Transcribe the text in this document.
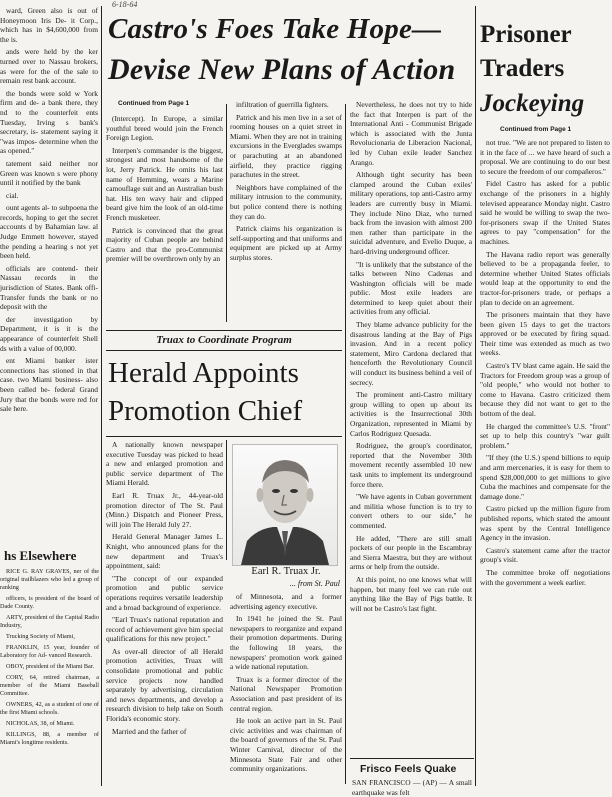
ward, Green also is out of Honeymoon Iris De- it Corp., which has in $4,600,000 from the is.

ands were held by the ker turned over to Nassau brokers, as were for the of the sale to remain rest bank account.

the bonds were sold w York firm and de- a bank there, they nd to the counterfeit ents Tuesday, Irving s bank's secretary, is- statement saying it "was impos- determine when the as opened."

tatement said neither nor Green was known s were phony until it notified by the bank

cial.

ount agents al- to subpoena the records, hoping to get the secret accounts d by Bahamian law. al Judge Emmett however, stayed the pending a hearing s not yet been held.

officials are contend- their Nassau records in the jurisdiction of States. Bank offi- Transfer funds the bank or no deposit with the

der investigation by Department, it is it is the appearance of counterfeit Shell ds with a value of 00,000.

ent Miami banker ister connections has stioned in that case. two Miami business- also been called be- federal Grand Jury that the bonds were red for sale here.

hs Elsewhere

RICE G. RAY GRAVES, ner of the original trailblazers who led a group of ranking

officers, is president of the board of Dade County.

ARTY, president of the Capital Radio Industry,

Trucking Society of Miami,

FRANKLIN, 15 year, founder of Laboratory for Ad- vanced Research.

OBOY, president of the Miami Bar.

CORY, 64, retired chairman, a member of the Miami Baseball Committee.

OWNERS, 42, as a student of one of the first Miami schools.

NICHOLAS, 38, of Miami.

KILLINGS, 88, a member of Miami's longtime residents.

6-18-64
Castro's Foes Take Hope—
Devise New Plans of Action
Continued from Page 1

(Intercept). In Europe, a similar youthful breed would join the French Foreign Legion.

Interpen's commander is the biggest, strongest and most handsome of the lot, Jerry Patrick. He omits his last name of Hemming, wears a Marine camouflage suit and an Australian bush hat. His ten wavy hair and clipped beard give him the look of an old-time French musketeer.

Patrick is convinced that the great majority of Cuban people are behind Castro and that the pro-Communist premier will be overthrown only by an

infiltration of guerrilla fighters.

Patrick and his men live in a set of rooming houses on a quiet street in Miami. When they are not in training excursions in the Everglades swamps or parachuting at an abandoned airfield, they practice rigging parachutes in the street.

Neighbors have complained of the military intrusion to the community, but police contend there is nothing they can do.

Patrick claims his organization is self-supporting and that uniforms and equipment are picked up at Army surplus stores.

Nevertheless, he does not try to hide the fact that Interpen is part of the International Anti - Communist Brigade which is associated with the Junta Revolucionaria de Liberacion Nacional, led by Cuban exile leader Sanchez Arango.

Although tight security has been clamped around the Cuban exiles' military operations, top anti-Castro army leaders are currently busy in Miami. They include Nino Diaz, who turned back from the invasion with almost 200 men rather than participate in the suicidal adventure, and Evelio Duque, a hard-driving underground officer.

"It is unlikely that the substance of the talks between Nino Cadenas and Washington officials will be made public. Most exile leaders are determined to keep quiet about their activities from any official.

They blame advance publicity for the disastrous landing at the Bay of Pigs invasion. And in a recent policy statement, Miro Cardona declared that henceforth the Revolutionary Council will conduct its business behind a veil of secrecy.

The prominent anti-Castro military group willing to open up about its activities is the Insurrectional 30th Organization, represented in Miami by Carlos Rodriguez Quesada.

Rodriguez, the group's coordinator, reported that the November 30th movement recently assembled 10 new task units to implement its underground force there.

"We have agents in Cuban government and militia whose function is to try to convert others to our side," he commented.

He added, "There are still small pockets of our people in the Escambray and Sierra Maestra, but they are without arms or help from the outside.

At this point, no one knows what will happen, but many feel we can rule out anything like the Bay of Pigs battle. It will not be Castro's last fight.

Truax to Coordinate Program
Herald Appoints
Promotion Chief

A nationally known newspaper executive Tuesday was picked to head a new and enlarged promotion and public service department of The Miami Herald.

Earl R. Truax Jr., 44-year-old promotion director of The St. Paul (Minn.) Dispatch and Pioneer Press, will join The Herald July 27.

Herald General Manager James L. Knight, who announced plans for the new department and Truax's appointment, said:

"The concept of our expanded promotion and public service operations requires versatile leadership and a broad background of experience.

"Earl Truax's national reputation and record of achievement give him special qualifications for this new project."

As over-all director of all Herald promotion activities, Truax will consolidate promotional and public service projects now handled separately by advertising, circulation and news departments, and develop a research division to help take on South Florida's economic story.

Married and the father of

Earl R. Truax Jr.
... from St. Paul

of Minnesota, and a former advertising agency executive.

In 1941 he joined the St. Paul newspapers to reorganize and expand their promotion departments. During the following 18 years, the newspapers' promotion work gained a wide national reputation.

Truax is a former director of the National Newspaper Promotion Association and past president of its central region.

He took an active part in St. Paul civic activities and was chairman of the board of governors of the St. Paul Winter Carnival, director of the Minnesota State Fair and other community organizations.

Prisoner
Traders
Jockeying
Continued from Page 1

not true. "We are not prepared to listen to it in the face of ... we have heard of such a proposal. We are continuing to do our best to secure the freedom of our compañeros."

Fidel Castro has asked for a public exchange of the prisoners in a highly televised appearance Monday night. Castro said he would be willing to swap the two-for-prisoners swap if the United States agrees to pay "compensation" for the machines.

The Havana radio report was generally believed to be a propaganda feeler, to determine whether United States officials would leap at the opportunity to end the tractor-for-prisoners trade, or perhaps a plan to decide on an agreement.

The prisoners maintain that they have been given 15 days to get the tractors approved or be executed by firing squad. Their time was extended as much as two weeks.

Castro's TV blast came again. He said the Tractors for Freedom group was a group of "old people," who would not bother to come to Havana. Castro criticized them because they did not want to get to the bottom of the deal.

He charged the committee's U.S. "front" set up to help this country's "war guilt problem."

"If they (the U.S.) spend billions to equip and arm mercenaries, it is easy for them to spend $28,000,000 to get millions to give Cuba the machines and compensate for the damage done."

Castro picked up the million figure from published reports, which stated the amount was spent by the Central Intelligence Agency in the invasion.

Castro's statement came after the tractor group's visit.

The committee broke off negotiations with the government a week earlier.

Frisco Feels Quake
SAN FRANCISCO — (AP) — A small earthquake was felt
